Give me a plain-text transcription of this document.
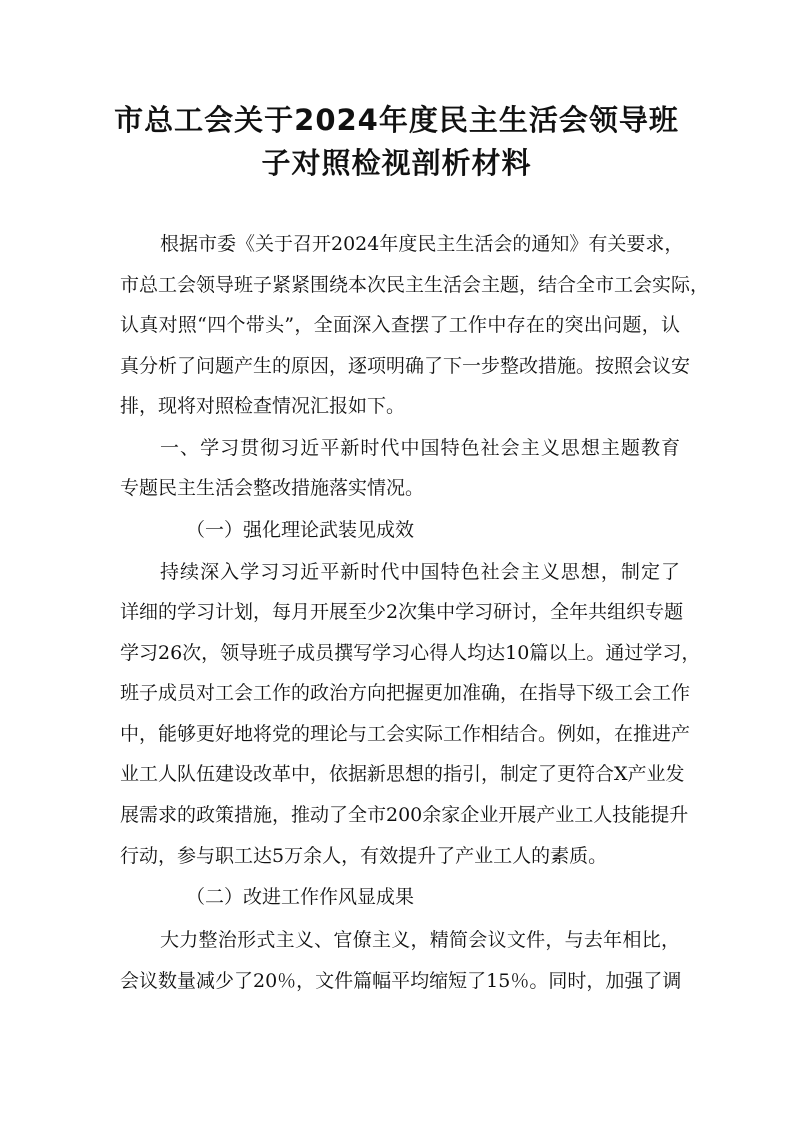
市总工会关于2024年度民主生活会领导班
子对照检视剖析材料
根据市委《关于召开2024年度民主生活会的通知》有关要求，
市总工会领导班子紧紧围绕本次民主生活会主题，结合全市工会实际，
认真对照“四个带头”，全面深入查摆了工作中存在的突出问题，认
真分析了问题产生的原因，逐项明确了下一步整改措施。按照会议安
排，现将对照检查情况汇报如下。
一、学习贯彻习近平新时代中国特色社会主义思想主题教育
专题民主生活会整改措施落实情况。
（一）强化理论武装见成效
持续深入学习习近平新时代中国特色社会主义思想，制定了
详细的学习计划，每月开展至少2次集中学习研讨，全年共组织专题
学习26次，领导班子成员撰写学习心得人均达10篇以上。通过学习，
班子成员对工会工作的政治方向把握更加准确，在指导下级工会工作
中，能够更好地将党的理论与工会实际工作相结合。例如，在推进产
业工人队伍建设改革中，依据新思想的指引，制定了更符合X产业发
展需求的政策措施，推动了全市200余家企业开展产业工人技能提升
行动，参与职工达5万余人，有效提升了产业工人的素质。
（二）改进工作作风显成果
大力整治形式主义、官僚主义，精简会议文件，与去年相比，
会议数量减少了20％，文件篇幅平均缩短了15％。同时，加强了调
